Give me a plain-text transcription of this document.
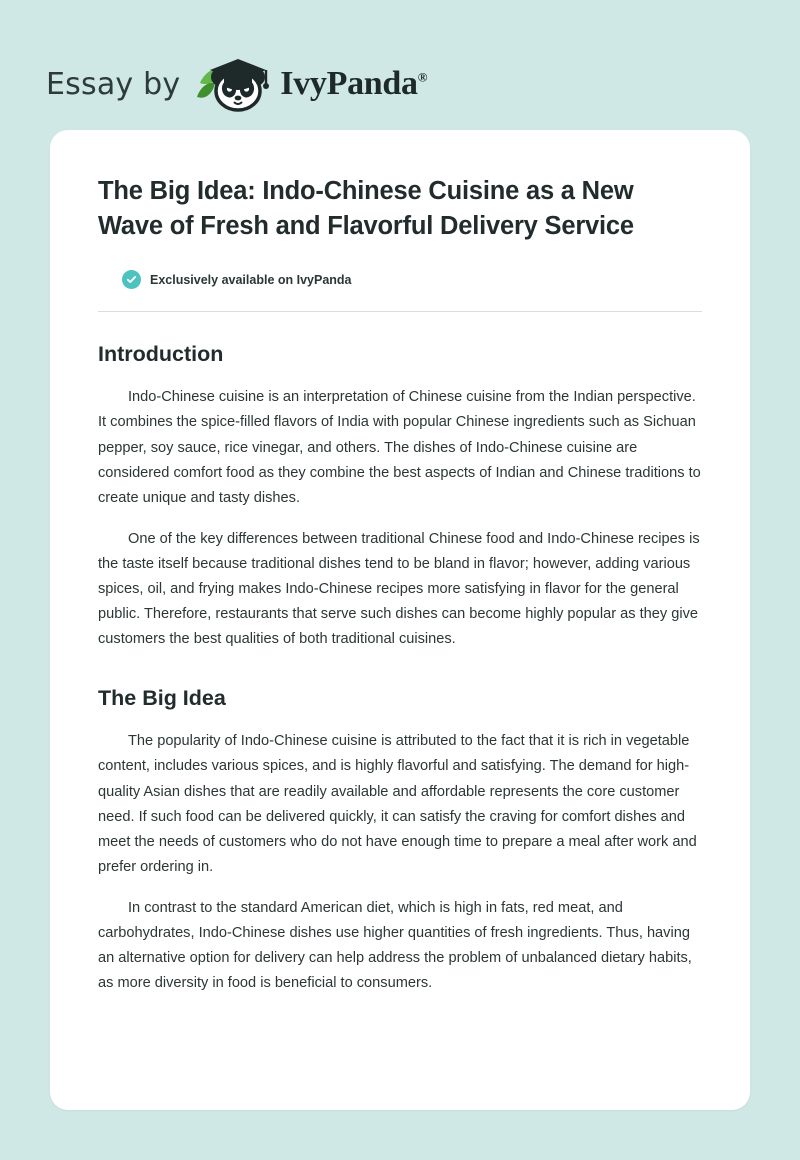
Essay by	IvyPanda®
The Big Idea: Indo-Chinese Cuisine as a New Wave of Fresh and Flavorful Delivery Service
Exclusively available on IvyPanda
Introduction

Indo-Chinese cuisine is an interpretation of Chinese cuisine from the Indian perspective. It combines the spice-filled flavors of India with popular Chinese ingredients such as Sichuan pepper, soy sauce, rice vinegar, and others. The dishes of Indo-Chinese cuisine are considered comfort food as they combine the best aspects of Indian and Chinese traditions to create unique and tasty dishes.

One of the key differences between traditional Chinese food and Indo-Chinese recipes is the taste itself because traditional dishes tend to be bland in flavor; however, adding various spices, oil, and frying makes Indo-Chinese recipes more satisfying in flavor for the general public. Therefore, restaurants that serve such dishes can become highly popular as they give customers the best qualities of both traditional cuisines.

The Big Idea

The popularity of Indo-Chinese cuisine is attributed to the fact that it is rich in vegetable content, includes various spices, and is highly flavorful and satisfying. The demand for high-quality Asian dishes that are readily available and affordable represents the core customer need. If such food can be delivered quickly, it can satisfy the craving for comfort dishes and meet the needs of customers who do not have enough time to prepare a meal after work and prefer ordering in.

In contrast to the standard American diet, which is high in fats, red meat, and carbohydrates, Indo-Chinese dishes use higher quantities of fresh ingredients. Thus, having an alternative option for delivery can help address the problem of unbalanced dietary habits, as more diversity in food is beneficial to consumers.
